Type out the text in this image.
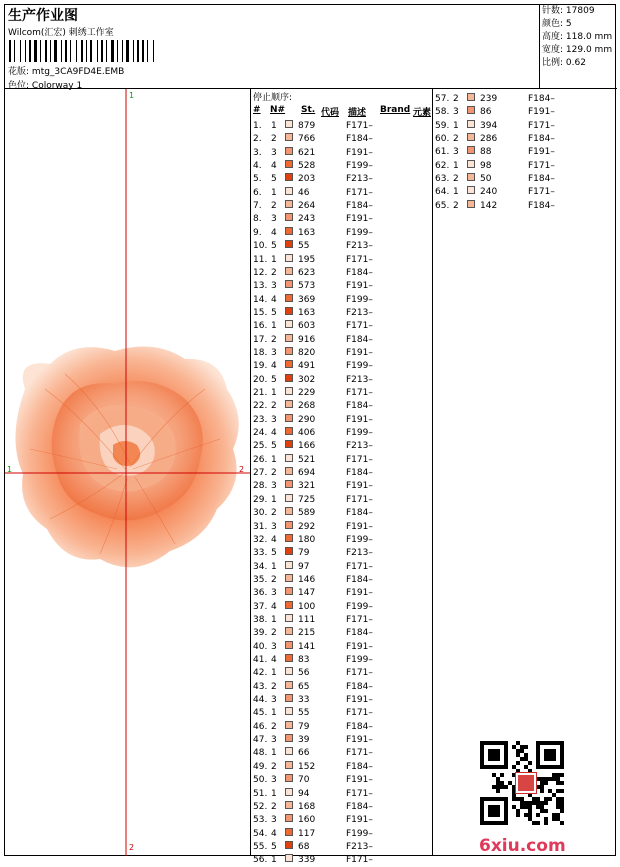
生产作业图
Wilcom(汇宏) 刺绣工作室
花版: mtg_3CA9FD4E.EMB
色位: Colorway 1
针数: 17809
颜色: 5
高度: 118.0 mm
宽度: 129.0 mm
比例: 0.62
1
2
1	2
停止顺序:
# N# St. 代码 描述 Brand 元素
1. 1 879	F171–
2. 2 766	F184–
3. 3 621	F191–
4. 4 528	F199–
5. 5 203	F213–
6. 1 46	F171–
7. 2 264	F184–
8. 3 243	F191–
9. 4 163	F199–
10. 5 55	F213–
11. 1 195	F171–
12. 2 623	F184–
13. 3 573	F191–
14. 4 369	F199–
15. 5 163	F213–
16. 1 603	F171–
17. 2 916	F184–
18. 3 820	F191–
19. 4 491	F199–
20. 5 302	F213–
21. 1 229	F171–
22. 2 268	F184–
23. 3 290	F191–
24. 4 406	F199–
25. 5 166	F213–
26. 1 521	F171–
27. 2 694	F184–
28. 3 321	F191–
29. 1 725	F171–
30. 2 589	F184–
31. 3 292	F191–
32. 4 180	F199–
33. 5 79	F213–
34. 1 97	F171–
35. 2 146	F184–
36. 3 147	F191–
37. 4 100	F199–
38. 1 111	F171–
39. 2 215	F184–
40. 3 141	F191–
41. 4 83	F199–
42. 1 56	F171–
43. 2 65	F184–
44. 3 33	F191–
45. 1 55	F171–
46. 2 79	F184–
47. 3 39	F191–
48. 1 66	F171–
49. 2 152	F184–
50. 3 70	F191–
51. 1 94	F171–
52. 2 168	F184–
53. 3 160	F191–
54. 4 117	F199–
55. 5 68	F213–
56. 1 339	F171–
57. 2 239	F184–
58. 3 86	F191–
59. 1 394	F171–
60. 2 286	F184–
61. 3 88	F191–
62. 1 98	F171–
63. 2 50	F184–
64. 1 240	F171–
65. 2 142	F184–
6xiu.com
